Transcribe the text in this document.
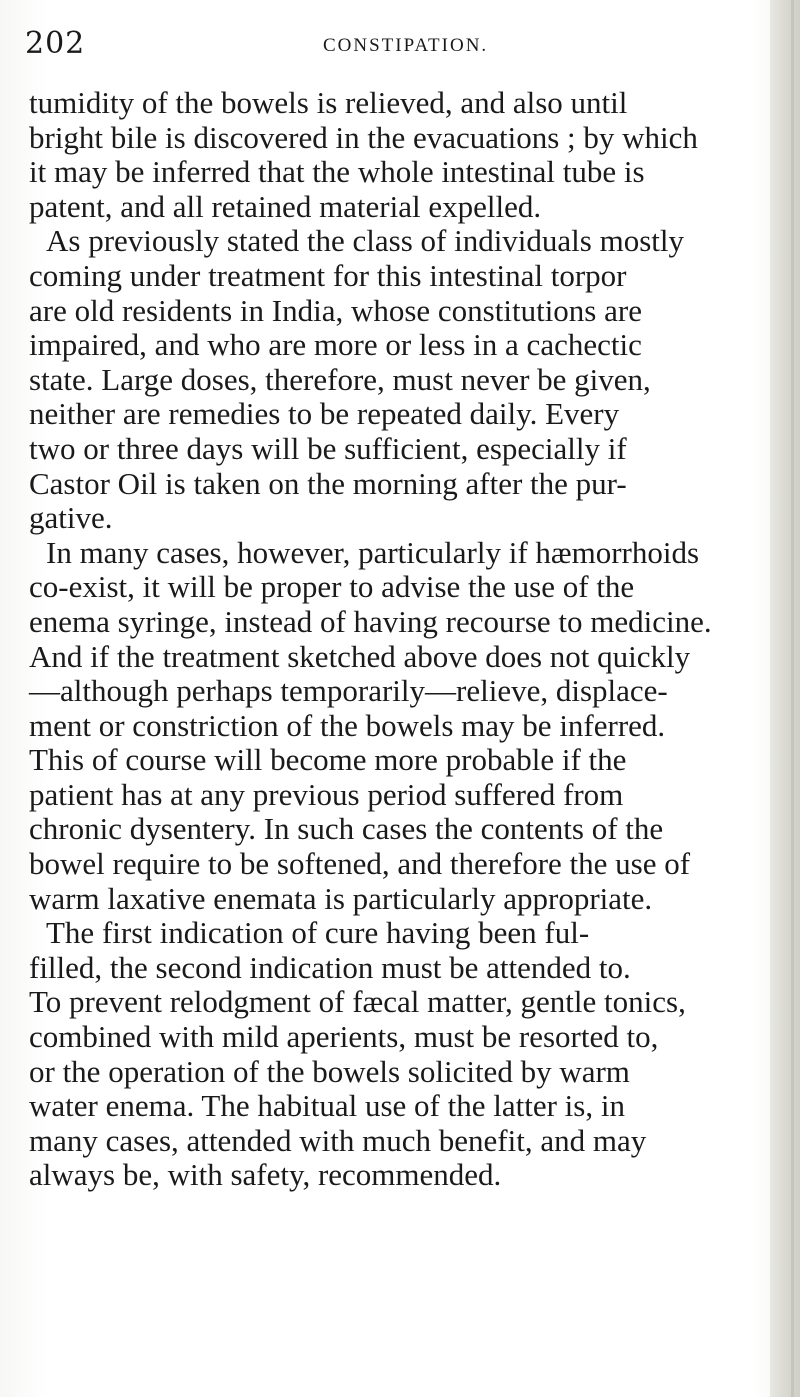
202	CONSTIPATION.
tumidity of the bowels is relieved, and also until
bright bile is discovered in the evacuations ; by which
it may be inferred that the whole intestinal tube is
patent, and all retained material expelled.
As previously stated the class of individuals mostly
coming under treatment for this intestinal torpor
are old residents in India, whose constitutions are
impaired, and who are more or less in a cachectic
state. Large doses, therefore, must never be given,
neither are remedies to be repeated daily. Every
two or three days will be sufficient, especially if
Castor Oil is taken on the morning after the pur-
gative.
In many cases, however, particularly if hæmorrhoids
co-exist, it will be proper to advise the use of the
enema syringe, instead of having recourse to medicine.
And if the treatment sketched above does not quickly
—although perhaps temporarily—relieve, displace-
ment or constriction of the bowels may be inferred.
This of course will become more probable if the
patient has at any previous period suffered from
chronic dysentery. In such cases the contents of the
bowel require to be softened, and therefore the use of
warm laxative enemata is particularly appropriate.
The first indication of cure having been ful-
filled, the second indication must be attended to.
To prevent relodgment of fæcal matter, gentle tonics,
combined with mild aperients, must be resorted to,
or the operation of the bowels solicited by warm
water enema. The habitual use of the latter is, in
many cases, attended with much benefit, and may
always be, with safety, recommended.
